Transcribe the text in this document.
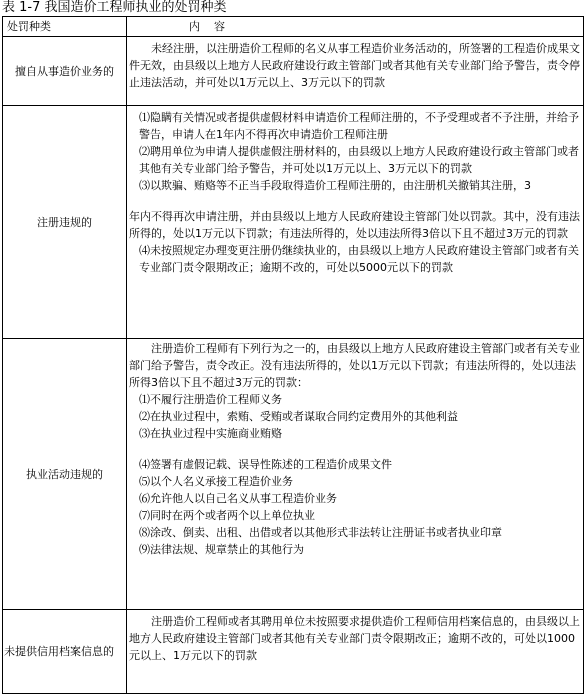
表 1-7 我国造价工程师执业的处罚种类
处罚种类	内    容
擅自从事造价业务的

未经注册，以注册造价工程师的名义从事工程造价业务活动的，所签署的工程造价成果文件无效，由县级以上地方人民政府建设行政主管部门或者其他有关专业部门给予警告，责令停止违法活动，并可处以1万元以上、3万元以下的罚款

注册违规的

⑴隐瞒有关情况或者提供虚假材料申请造价工程师注册的，不予受理或者不予注册，并给予警告，申请人在1年内不得再次申请造价工程师注册

⑵聘用单位为申请人提供虚假注册材料的，由县级以上地方人民政府建设行政主管部门或者其他有关专业部门给予警告，并可处以1万元以上、3万元以下的罚款

⑶以欺骗、贿赂等不正当手段取得造价工程师注册的，由注册机关撤销其注册，3

年内不得再次申请注册，并由县级以上地方人民政府建设主管部门处以罚款。其中，没有违法所得的，处以1万元以下罚款；有违法所得的，处以违法所得3倍以下且不超过3万元的罚款

⑷未按照规定办理变更注册仍继续执业的，由县级以上地方人民政府建设主管部门或者有关专业部门责令限期改正；逾期不改的，可处以5000元以下的罚款

执业活动违规的

注册造价工程师有下列行为之一的，由县级以上地方人民政府建设主管部门或者有关专业部门给予警告，责令改正。没有违法所得的，处以1万元以下罚款；有违法所得的，处以违法所得3倍以下且不超过3万元的罚款：

⑴不履行注册造价工程师义务

⑵在执业过程中，索贿、受贿或者谋取合同约定费用外的其他利益

⑶在执业过程中实施商业贿赂

⑷签署有虚假记载、误导性陈述的工程造价成果文件

⑸以个人名义承接工程造价业务

⑹允许他人以自己名义从事工程造价业务

⑺同时在两个或者两个以上单位执业

⑻涂改、倒卖、出租、出借或者以其他形式非法转让注册证书或者执业印章

⑼法律法规、规章禁止的其他行为

未提供信用档案信息的

注册造价工程师或者其聘用单位未按照要求提供造价工程师信用档案信息的，由县级以上地方人民政府建设主管部门或者其他有关专业部门责令限期改正；逾期不改的，可处以1000元以上、1万元以下的罚款
